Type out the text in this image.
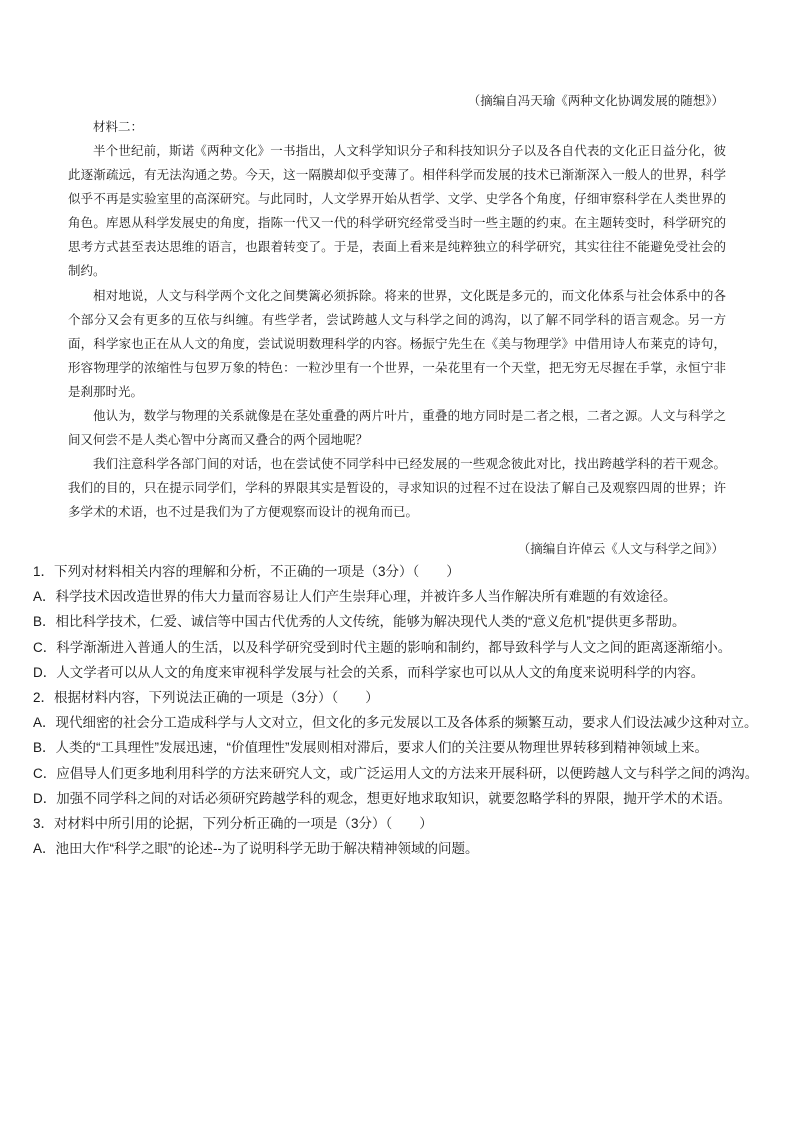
（摘编自冯天瑜《两种文化协调发展的随想》）
材料二：

半个世纪前，斯诺《两种文化》一书指出，人文科学知识分子和科技知识分子以及各自代表的文化正日益分化，彼此逐渐疏远，有无法沟通之势。今天，这一隔膜却似乎变薄了。相伴科学而发展的技术已渐渐深入一般人的世界，科学似乎不再是实验室里的高深研究。与此同时，人文学界开始从哲学、文学、史学各个角度，仔细审察科学在人类世界的角色。库恩从科学发展史的角度，指陈一代又一代的科学研究经常受当时一些主题的约束。在主题转变时，科学研究的思考方式甚至表达思维的语言，也跟着转变了。于是，表面上看来是纯粹独立的科学研究，其实往往不能避免受社会的制约。

相对地说，人文与科学两个文化之间樊篱必须拆除。将来的世界，文化既是多元的，而文化体系与社会体系中的各个部分又会有更多的互依与纠缠。有些学者，尝试跨越人文与科学之间的鸿沟，以了解不同学科的语言观念。另一方面，科学家也正在从人文的角度，尝试说明数理科学的内容。杨振宁先生在《美与物理学》中借用诗人布莱克的诗句，形容物理学的浓缩性与包罗万象的特色：一粒沙里有一个世界，一朵花里有一个天堂，把无穷无尽握在手掌，永恒宁非是刹那时光。

他认为，数学与物理的关系就像是在茎处重叠的两片叶片，重叠的地方同时是二者之根，二者之源。人文与科学之间又何尝不是人类心智中分离而又叠合的两个园地呢？

我们注意科学各部门间的对话，也在尝试使不同学科中已经发展的一些观念彼此对比，找出跨越学科的若干观念。我们的目的，只在提示同学们，学科的界限其实是暂设的，寻求知识的过程不过在设法了解自己及观察四周的世界；许多学术的术语，也不过是我们为了方便观察而设计的视角而已。

（摘编自许倬云《人文与科学之间》）
1．下列对材料相关内容的理解和分析，不正确的一项是（3分）（　　）
A．科学技术因改造世界的伟大力量而容易让人们产生崇拜心理，并被许多人当作解决所有难题的有效途径。
B．相比科学技术，仁爱、诚信等中国古代优秀的人文传统，能够为解决现代人类的“意义危机”提供更多帮助。
C．科学渐渐进入普通人的生活，以及科学研究受到时代主题的影响和制约，都导致科学与人文之间的距离逐渐缩小。
D．人文学者可以从人文的角度来审视科学发展与社会的关系，而科学家也可以从人文的角度来说明科学的内容。
2．根据材料内容，下列说法正确的一项是（3分）（　　）
A．现代细密的社会分工造成科学与人文对立，但文化的多元发展以工及各体系的频繁互动，要求人们设法减少这种对立。
B．人类的“工具理性”发展迅速，“价值理性”发展则相对滞后，要求人们的关注要从物理世界转移到精神领域上来。
C．应倡导人们更多地利用科学的方法来研究人文，或广泛运用人文的方法来开展科研，以便跨越人文与科学之间的鸿沟。
D．加强不同学科之间的对话必须研究跨越学科的观念，想更好地求取知识，就要忽略学科的界限，抛开学术的术语。
3．对材料中所引用的论据，下列分析正确的一项是（3分）（　　）
A．池田大作“科学之眼”的论述--为了说明科学无助于解决精神领域的问题。
